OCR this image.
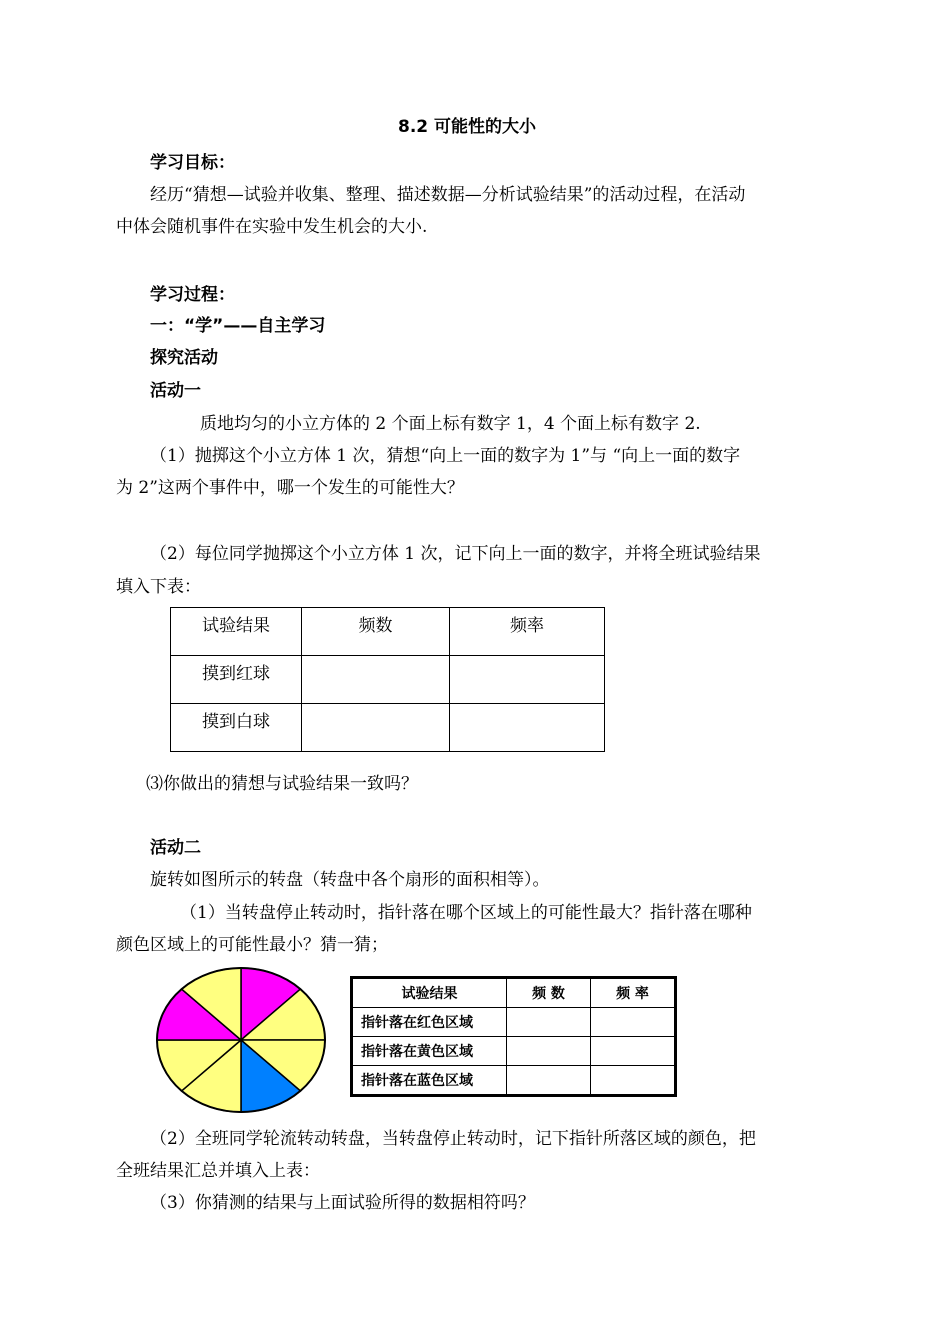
8.2 可能性的大小
学习目标：
经历“猜想—试验并收集、整理、描述数据—分析试验结果”的活动过程，在活动
中体会随机事件在实验中发生机会的大小.
学习过程：
一：“学”——自主学习
探究活动
活动一
质地均匀的小立方体的 2 个面上标有数字 1，4 个面上标有数字 2.
（1）抛掷这个小立方体 1 次，猜想“向上一面的数字为 1”与 “向上一面的数字
为 2”这两个事件中，哪一个发生的可能性大？
（2）每位同学抛掷这个小立方体 1 次，记下向上一面的数字，并将全班试验结果
填入下表：
试验结果	频数	频率

摸到红球		

摸到白球		

⑶你做出的猜想与试验结果一致吗？
活动二
旋转如图所示的转盘（转盘中各个扇形的面积相等）。
（1）当转盘停止转动时，指针落在哪个区域上的可能性最大？指针落在哪种
颜色区域上的可能性最小？猜一猜；
试验结果	频 数	频 率
指针落在红色区域		
指针落在黄色区域		
指针落在蓝色区域		
（2）全班同学轮流转动转盘，当转盘停止转动时，记下指针所落区域的颜色，把
全班结果汇总并填入上表：
（3）你猜测的结果与上面试验所得的数据相符吗？
